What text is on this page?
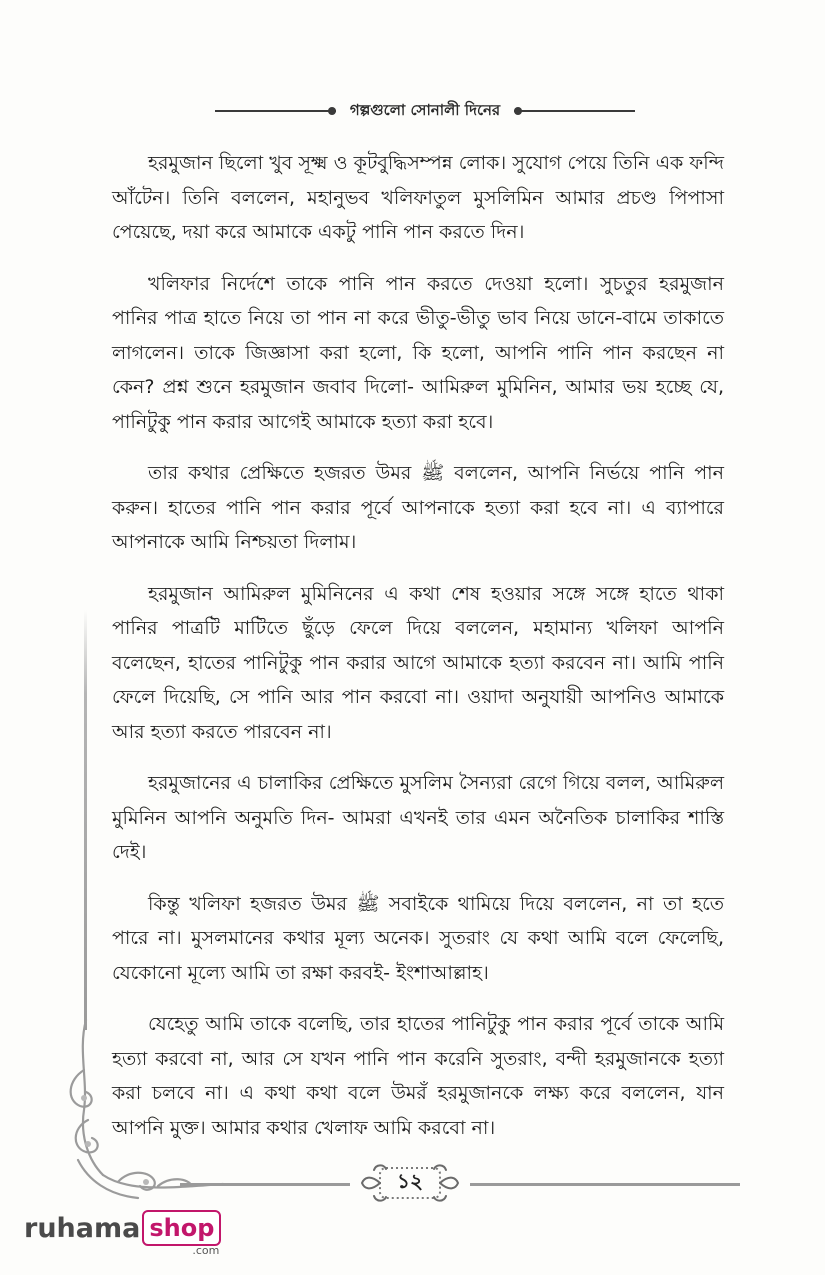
গল্পগুলো সোনালী দিনের

হরমুজান ছিলো খুব সূক্ষ্ম ও কূটবুদ্ধিসম্পন্ন লোক। সুযোগ পেয়ে তিনি এক ফন্দি আঁটেন। তিনি বললেন, মহানুভব খলিফাতুল মুসলিমিন আমার প্রচণ্ড পিপাসা পেয়েছে, দয়া করে আমাকে একটু পানি পান করতে দিন।

খলিফার নির্দেশে তাকে পানি পান করতে দেওয়া হলো। সুচতুর হরমুজান পানির পাত্র হাতে নিয়ে তা পান না করে ভীতু-ভীতু ভাব নিয়ে ডানে-বামে তাকাতে লাগলেন। তাকে জিজ্ঞাসা করা হলো, কি হলো, আপনি পানি পান করছেন না কেন? প্রশ্ন শুনে হরমুজান জবাব দিলো- আমিরুল মুমিনিন, আমার ভয় হচ্ছে যে, পানিটুকু পান করার আগেই আমাকে হত্যা করা হবে।

তার কথার প্রেক্ষিতে হজরত উমর ﷺ বললেন, আপনি নির্ভয়ে পানি পান করুন। হাতের পানি পান করার পূর্বে আপনাকে হত্যা করা হবে না। এ ব্যাপারে আপনাকে আমি নিশ্চয়তা দিলাম।

হরমুজান আমিরুল মুমিনিনের এ কথা শেষ হওয়ার সঙ্গে সঙ্গে হাতে থাকা পানির পাত্রটি মাটিতে ছুঁড়ে ফেলে দিয়ে বললেন, মহামান্য খলিফা আপনি বলেছেন, হাতের পানিটুকু পান করার আগে আমাকে হত্যা করবেন না। আমি পানি ফেলে দিয়েছি, সে পানি আর পান করবো না। ওয়াদা অনুযায়ী আপনিও আমাকে আর হত্যা করতে পারবেন না।

হরমুজানের এ চালাকির প্রেক্ষিতে মুসলিম সৈন্যরা রেগে গিয়ে বলল, আমিরুল মুমিনিন আপনি অনুমতি দিন- আমরা এখনই তার এমন অনৈতিক চালাকির শাস্তি দেই।

কিন্তু খলিফা হজরত উমর ﷺ সবাইকে থামিয়ে দিয়ে বললেন, না তা হতে পারে না। মুসলমানের কথার মূল্য অনেক। সুতরাং যে কথা আমি বলে ফেলেছি, যেকোনো মূল্যে আমি তা রক্ষা করবই- ইংশাআল্লাহ।

যেহেতু আমি তাকে বলেছি, তার হাতের পানিটুকু পান করার পূর্বে তাকে আমি হত্যা করবো না, আর সে যখন পানি পান করেনি সুতরাং, বন্দী হরমুজানকে হত্যা করা চলবে না। এ কথা কথা বলে উমরঁ হরমুজানকে লক্ষ্য করে বললেন, যান আপনি মুক্ত। আমার কথার খেলাফ আমি করবো না।

১২
ruhama shop
.com
